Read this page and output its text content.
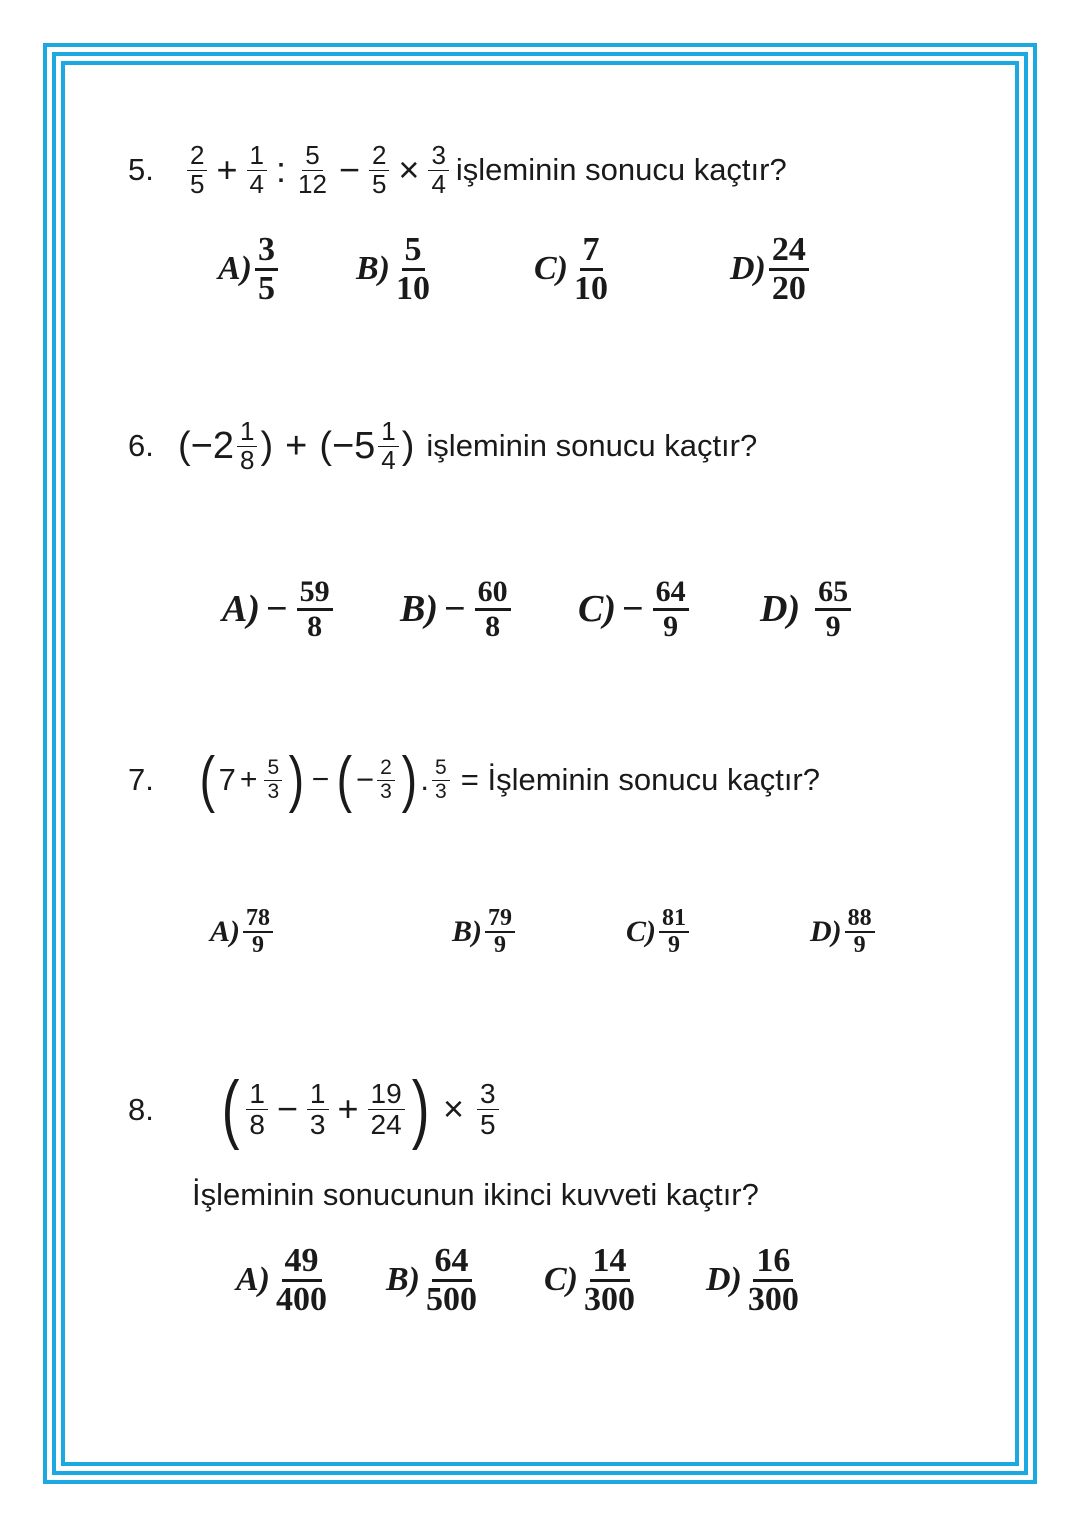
5. $\frac{2}{5} + \frac{1}{4}$ : $\frac{5}{12} - \frac{2}{5} \times \frac{3}{4}$ işleminin sonucu kaçtır?
$A) \frac{3}{5} B) \frac{5}{10}$	$C) \frac{7}{10}$	$D) \frac{24}{20}$
6. ( $-2 \frac{1}{8}$ ) + ( $-5 \frac{1}{4}$ ) işleminin sonucu kaçtır?
$A) - \frac{59}{8} B) - \frac{60}{8} C) - \frac{64}{9} D) \frac{65}{9}$
7. ( $7 + \frac{5}{3}$ ) − ( − $\frac{2}{3}$ ) . $\frac{5}{3}$ = İşleminin sonucu kaçtır?
$A) \frac{78}{9}$	$B) \frac{79}{9}$	$C) \frac{81}{9}$	$D) \frac{88}{9}$
8. ( $\frac{1}{8} - \frac{1}{3} + \frac{19}{24}$ ) × $\frac{3}{5}$
İşleminin sonucunun ikinci kuvveti kaçtır?
$A) \frac{49}{400} B) \frac{64}{500} C) \frac{14}{300} D) \frac{16}{300}$
